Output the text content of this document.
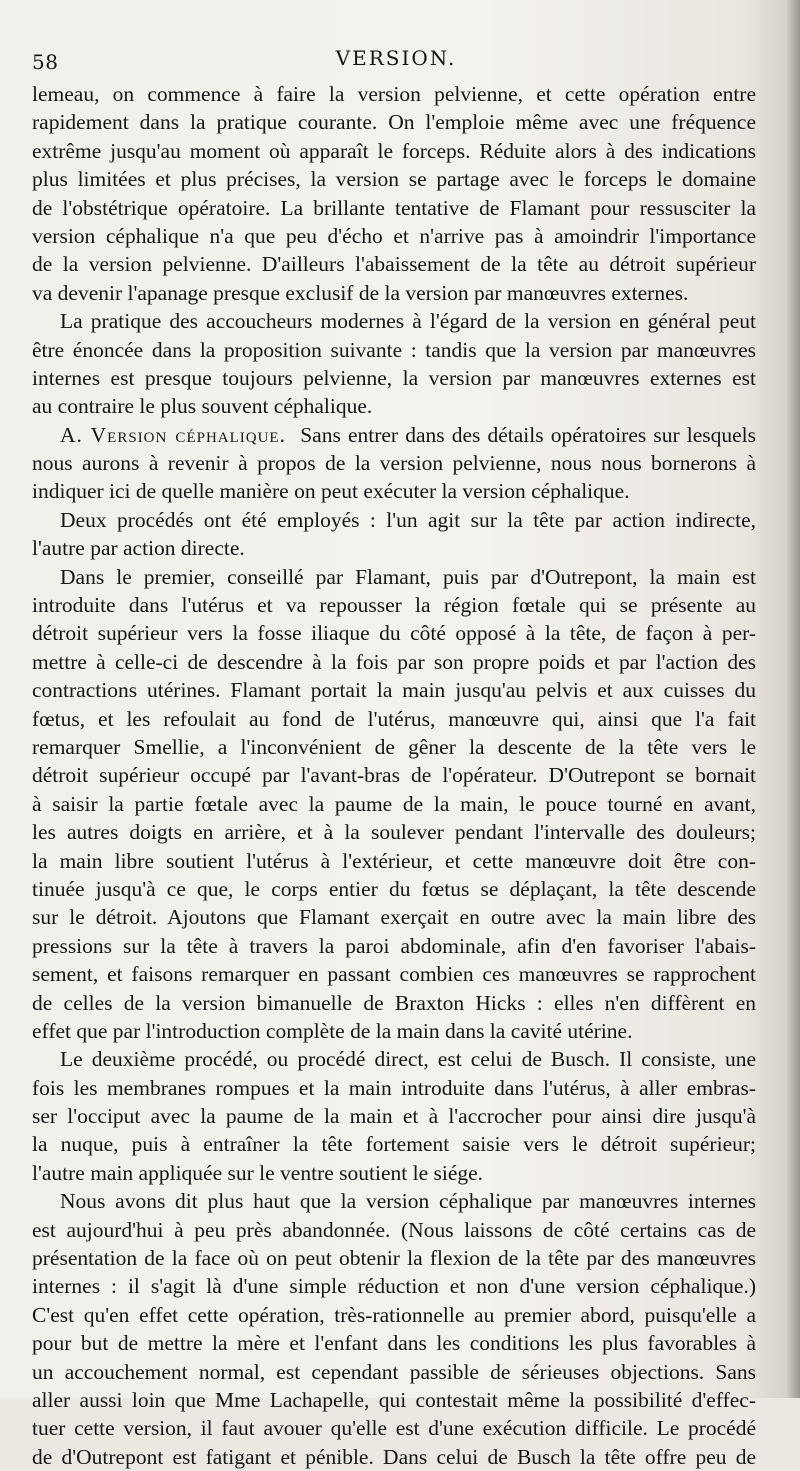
58	VERSION.
lemeau, on commence à faire la version pelvienne, et cette opération entre
rapidement dans la pratique courante. On l'emploie même avec une fréquence
extrême jusqu'au moment où apparaît le forceps. Réduite alors à des indications
plus limitées et plus précises, la version se partage avec le forceps le domaine
de l'obstétrique opératoire. La brillante tentative de Flamant pour ressusciter la
version céphalique n'a que peu d'écho et n'arrive pas à amoindrir l'importance
de la version pelvienne. D'ailleurs l'abaissement de la tête au détroit supérieur
va devenir l'apanage presque exclusif de la version par manœuvres externes.
La pratique des accoucheurs modernes à l'égard de la version en général peut
être énoncée dans la proposition suivante : tandis que la version par manœuvres
internes est presque toujours pelvienne, la version par manœuvres externes est
au contraire le plus souvent céphalique.
A. Version céphalique. Sans entrer dans des détails opératoires sur lesquels
nous aurons à revenir à propos de la version pelvienne, nous nous bornerons à
indiquer ici de quelle manière on peut exécuter la version céphalique.
Deux procédés ont été employés : l'un agit sur la tête par action indirecte,
l'autre par action directe.
Dans le premier, conseillé par Flamant, puis par d'Outrepont, la main est
introduite dans l'utérus et va repousser la région fœtale qui se présente au
détroit supérieur vers la fosse iliaque du côté opposé à la tête, de façon à per-
mettre à celle-ci de descendre à la fois par son propre poids et par l'action des
contractions utérines. Flamant portait la main jusqu'au pelvis et aux cuisses du
fœtus, et les refoulait au fond de l'utérus, manœuvre qui, ainsi que l'a fait
remarquer Smellie, a l'inconvénient de gêner la descente de la tête vers le
détroit supérieur occupé par l'avant-bras de l'opérateur. D'Outrepont se bornait
à saisir la partie fœtale avec la paume de la main, le pouce tourné en avant,
les autres doigts en arrière, et à la soulever pendant l'intervalle des douleurs;
la main libre soutient l'utérus à l'extérieur, et cette manœuvre doit être con-
tinuée jusqu'à ce que, le corps entier du fœtus se déplaçant, la tête descende
sur le détroit. Ajoutons que Flamant exerçait en outre avec la main libre des
pressions sur la tête à travers la paroi abdominale, afin d'en favoriser l'abais-
sement, et faisons remarquer en passant combien ces manœuvres se rapprochent
de celles de la version bimanuelle de Braxton Hicks : elles n'en diffèrent en
effet que par l'introduction complète de la main dans la cavité utérine.
Le deuxième procédé, ou procédé direct, est celui de Busch. Il consiste, une
fois les membranes rompues et la main introduite dans l'utérus, à aller embras-
ser l'occiput avec la paume de la main et à l'accrocher pour ainsi dire jusqu'à
la nuque, puis à entraîner la tête fortement saisie vers le détroit supérieur;
l'autre main appliquée sur le ventre soutient le siége.
Nous avons dit plus haut que la version céphalique par manœuvres internes
est aujourd'hui à peu près abandonnée. (Nous laissons de côté certains cas de
présentation de la face où on peut obtenir la flexion de la tête par des manœuvres
internes : il s'agit là d'une simple réduction et non d'une version céphalique.)
C'est qu'en effet cette opération, très-rationnelle au premier abord, puisqu'elle a
pour but de mettre la mère et l'enfant dans les conditions les plus favorables à
un accouchement normal, est cependant passible de sérieuses objections. Sans
aller aussi loin que Mme Lachapelle, qui contestait même la possibilité d'effec-
tuer cette version, il faut avouer qu'elle est d'une exécution difficile. Le procédé
de d'Outrepont est fatigant et pénible. Dans celui de Busch la tête offre peu de
